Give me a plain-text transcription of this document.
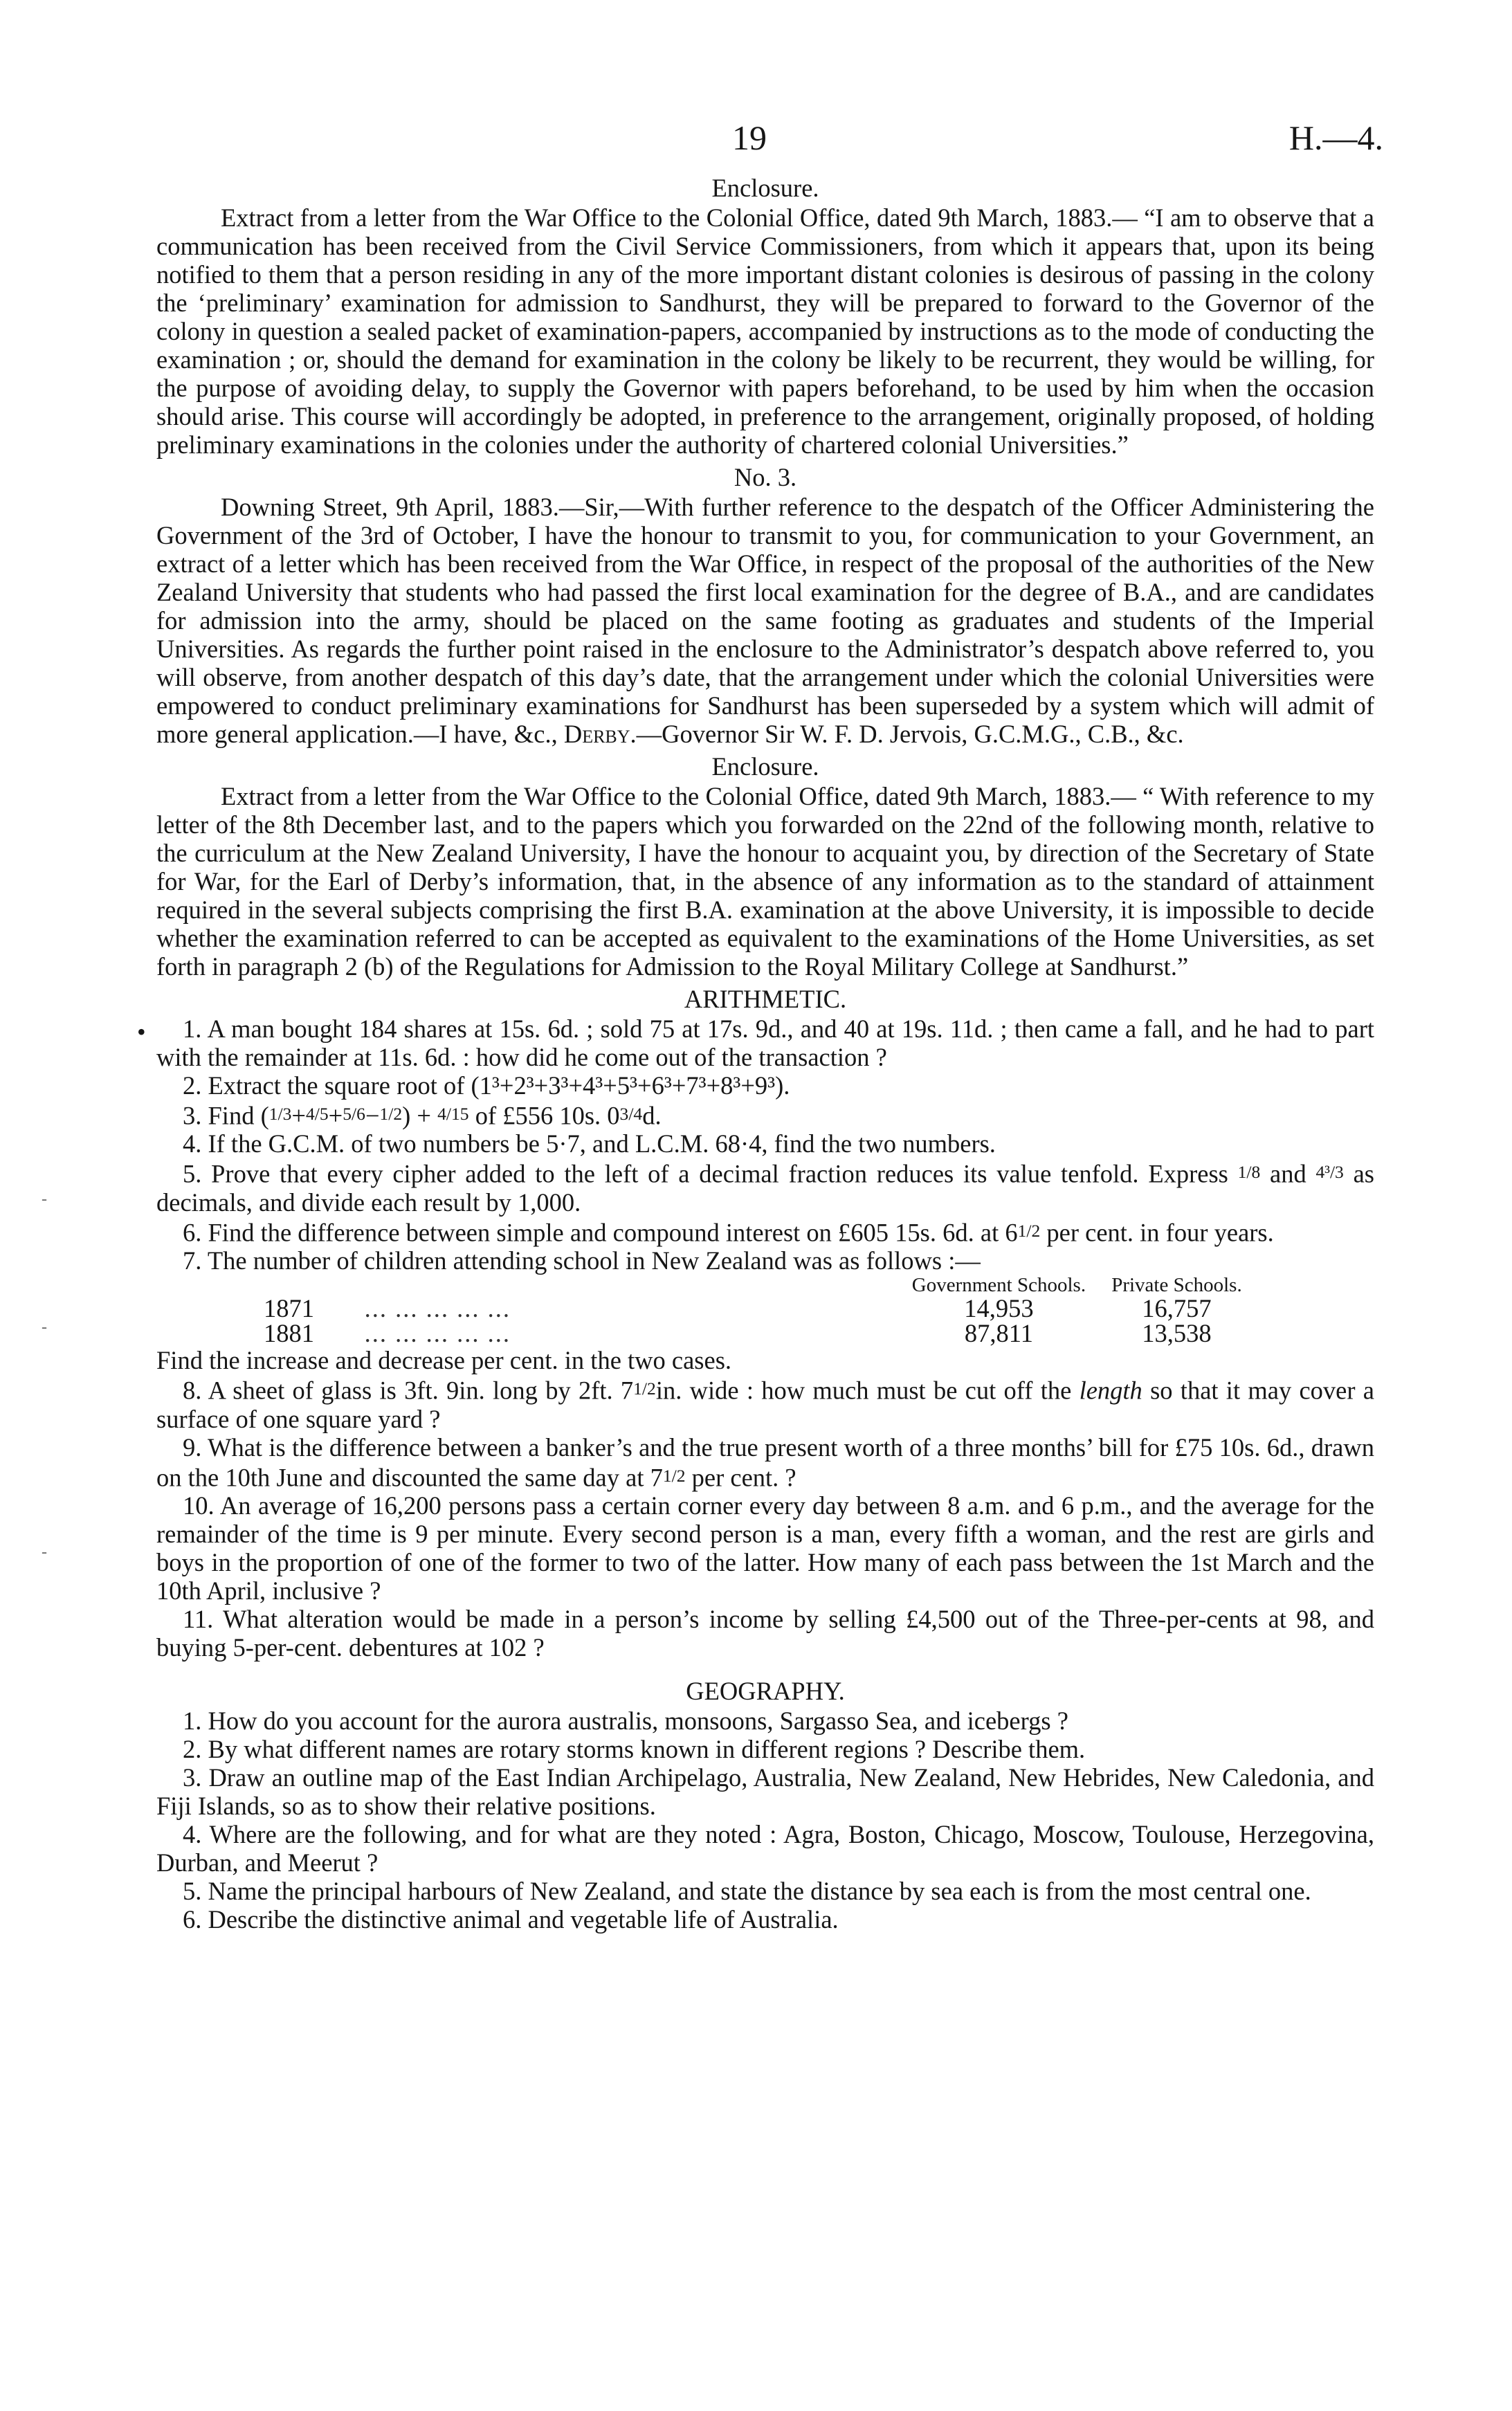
19	H.—4.
•
-
-
-

Enclosure.

Extract from a letter from the War Office to the Colonial Office, dated 9th March, 1883.— “I am to observe that a communication has been received from the Civil Service Commissioners, from which it appears that, upon its being notified to them that a person residing in any of the more important distant colonies is desirous of passing in the colony the ‘preliminary’ examination for admission to Sandhurst, they will be prepared to forward to the Governor of the colony in question a sealed packet of examination-papers, accompanied by instructions as to the mode of conducting the examination ; or, should the demand for examination in the colony be likely to be recurrent, they would be willing, for the purpose of avoiding delay, to supply the Governor with papers beforehand, to be used by him when the occasion should arise. This course will accordingly be adopted, in preference to the arrangement, originally proposed, of holding preliminary examinations in the colonies under the authority of chartered colonial Universities.”

No. 3.

Downing Street, 9th April, 1883.—Sir,—With further reference to the despatch of the Officer Administering the Government of the 3rd of October, I have the honour to transmit to you, for communication to your Government, an extract of a letter which has been received from the War Office, in respect of the proposal of the authorities of the New Zealand University that students who had passed the first local examination for the degree of B.A., and are candidates for admission into the army, should be placed on the same footing as graduates and students of the Imperial Universities. As regards the further point raised in the enclosure to the Administrator’s despatch above referred to, you will observe, from another despatch of this day’s date, that the arrangement under which the colonial Universities were empowered to conduct preliminary examinations for Sandhurst has been superseded by a system which will admit of more general application.—I have, &c., Derby.—Governor Sir W. F. D. Jervois, G.C.M.G., C.B., &c.

Enclosure.

Extract from a letter from the War Office to the Colonial Office, dated 9th March, 1883.— “ With reference to my letter of the 8th December last, and to the papers which you forwarded on the 22nd of the following month, relative to the curriculum at the New Zealand University, I have the honour to acquaint you, by direction of the Secretary of State for War, for the Earl of Derby’s information, that, in the absence of any information as to the standard of attainment required in the several subjects comprising the first B.A. examination at the above University, it is impossible to decide whether the examination referred to can be accepted as equivalent to the examinations of the Home Universities, as set forth in paragraph 2 (b) of the Regulations for Admission to the Royal Military College at Sandhurst.”

ARITHMETIC.

1. A man bought 184 shares at 15s. 6d. ; sold 75 at 17s. 9d., and 40 at 19s. 11d. ; then came a fall, and he had to part with the remainder at 11s. 6d. : how did he come out of the transaction ?

2. Extract the square root of (1³+2³+3³+4³+5³+6³+7³+8³+9³).

3. Find (1/3+4/5+5/6−1/2) + 4/15 of £556 10s. 03/4d.

4. If the G.C.M. of two numbers be 5·7, and L.C.M. 68·4, find the two numbers.

5. Prove that every cipher added to the left of a decimal fraction reduces its value tenfold. Express 1/8 and 4³/3 as decimals, and divide each result by 1,000.

6. Find the difference between simple and compound interest on £605 15s. 6d. at 61/2 per cent. in four years.

7. The number of children attending school in New Zealand was as follows :—

		Government Schools.	Private Schools.
1871	... ... ... ... ...	14,953	16,757
1881	... ... ... ... ...	87,811	13,538

Find the increase and decrease per cent. in the two cases.

8. A sheet of glass is 3ft. 9in. long by 2ft. 71/2in. wide : how much must be cut off the length so that it may cover a surface of one square yard ?

9. What is the difference between a banker’s and the true present worth of a three months’ bill for £75 10s. 6d., drawn on the 10th June and discounted the same day at 71/2 per cent. ?

10. An average of 16,200 persons pass a certain corner every day between 8 a.m. and 6 p.m., and the average for the remainder of the time is 9 per minute. Every second person is a man, every fifth a woman, and the rest are girls and boys in the proportion of one of the former to two of the latter. How many of each pass between the 1st March and the 10th April, inclusive ?

11. What alteration would be made in a person’s income by selling £4,500 out of the Three-per-cents at 98, and buying 5-per-cent. debentures at 102 ?

GEOGRAPHY.

1. How do you account for the aurora australis, monsoons, Sargasso Sea, and icebergs ?

2. By what different names are rotary storms known in different regions ? Describe them.

3. Draw an outline map of the East Indian Archipelago, Australia, New Zealand, New Hebrides, New Caledonia, and Fiji Islands, so as to show their relative positions.

4. Where are the following, and for what are they noted : Agra, Boston, Chicago, Moscow, Toulouse, Herzegovina, Durban, and Meerut ?

5. Name the principal harbours of New Zealand, and state the distance by sea each is from the most central one.

6. Describe the distinctive animal and vegetable life of Australia.
